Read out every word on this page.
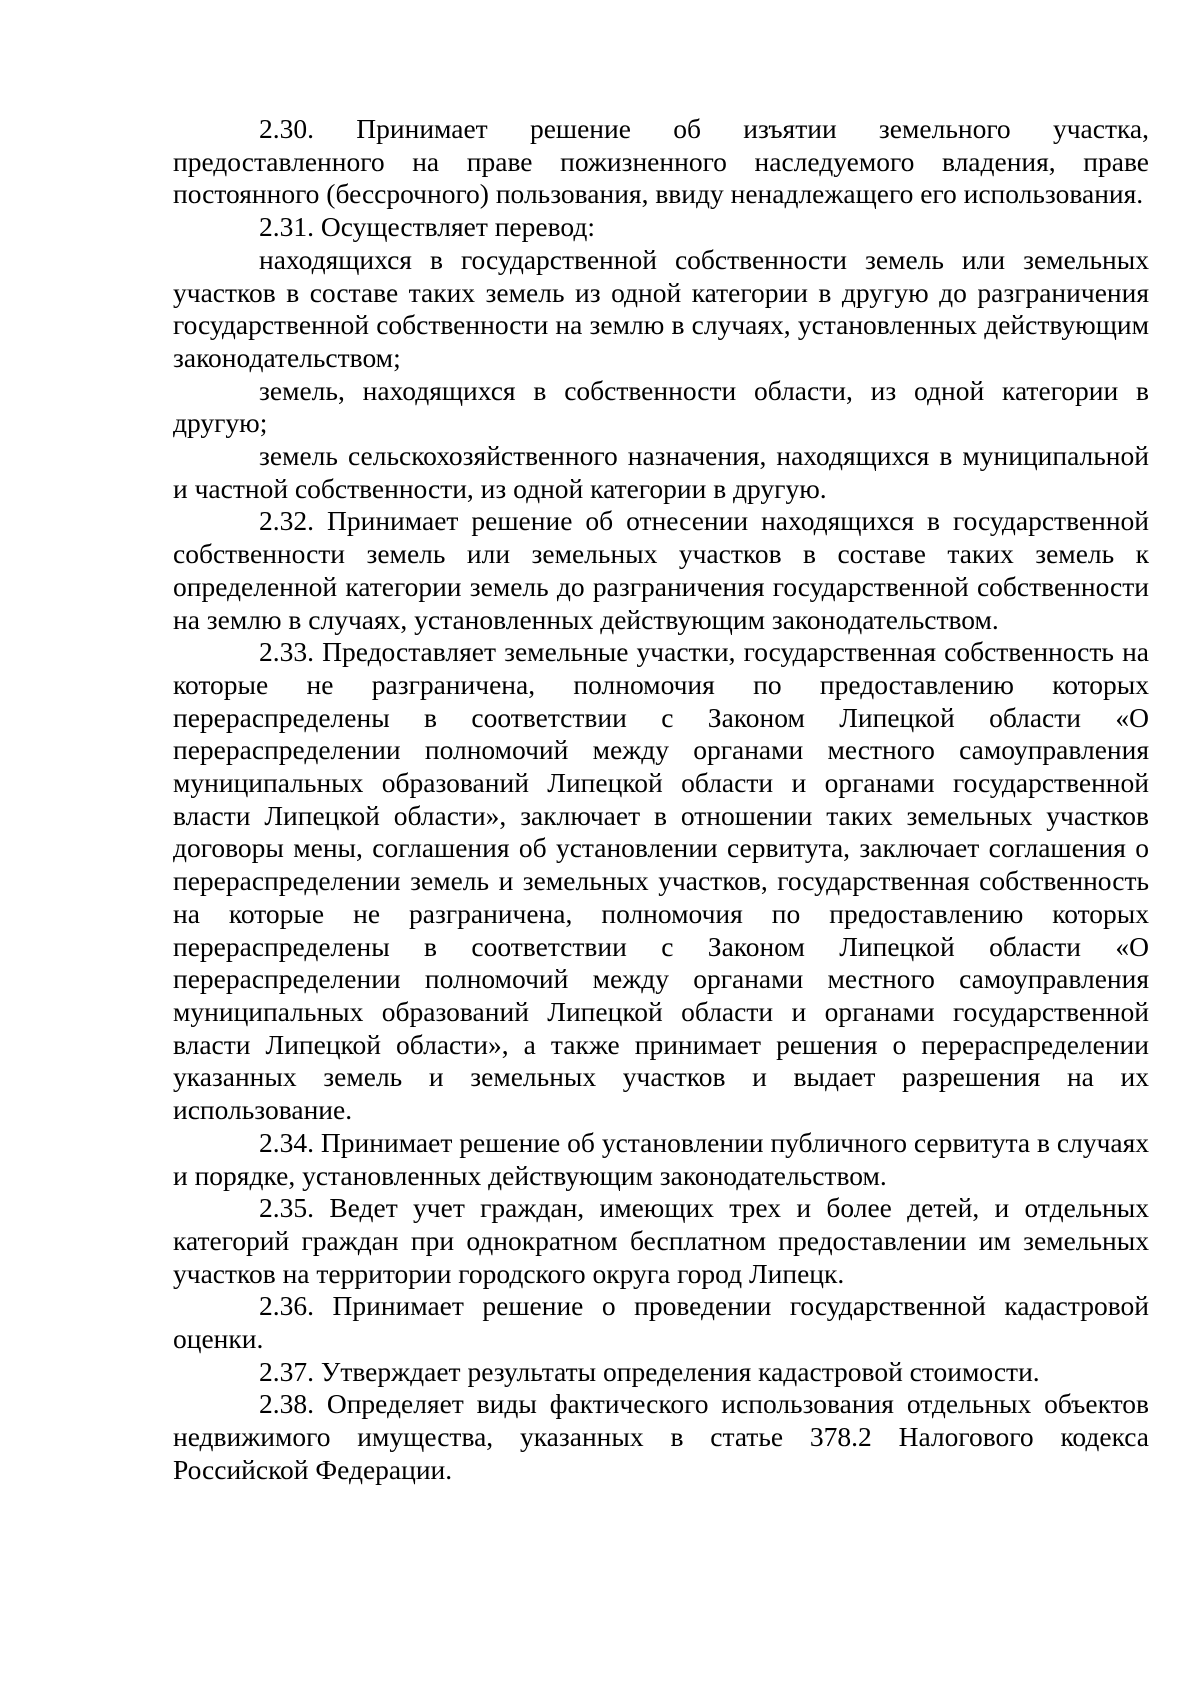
2.30. Принимает решение об изъятии земельного участка, предоставленного на праве пожизненного наследуемого владения, праве постоянного (бессрочного) пользования, ввиду ненадлежащего его использования.

2.31. Осуществляет перевод:

находящихся в государственной собственности земель или земельных участков в составе таких земель из одной категории в другую до разграничения государственной собственности на землю в случаях, установленных действующим законодательством;

земель, находящихся в собственности области, из одной категории в другую;

земель сельскохозяйственного назначения, находящихся в муниципальной и частной собственности, из одной категории в другую.

2.32. Принимает решение об отнесении находящихся в государственной собственности земель или земельных участков в составе таких земель к определенной категории земель до разграничения государственной собственности на землю в случаях, установленных действующим законодательством.

2.33. Предоставляет земельные участки, государственная собственность на которые не разграничена, полномочия по предоставлению которых перераспределены в соответствии с Законом Липецкой области «О перераспределении полномочий между органами местного самоуправления муниципальных образований Липецкой области и органами государственной власти Липецкой области», заключает в отношении таких земельных участков договоры мены, соглашения об установлении сервитута, заключает соглашения о перераспределении земель и земельных участков, государственная собственность на которые не разграничена, полномочия по предоставлению которых перераспределены в соответствии с Законом Липецкой области «О перераспределении полномочий между органами местного самоуправления муниципальных образований Липецкой области и органами государственной власти Липецкой области», а также принимает решения о перераспределении указанных земель и земельных участков и выдает разрешения на их использование.

2.34. Принимает решение об установлении публичного сервитута в случаях и порядке, установленных действующим законодательством.

2.35. Ведет учет граждан, имеющих трех и более детей, и отдельных категорий граждан при однократном бесплатном предоставлении им земельных участков на территории городского округа город Липецк.

2.36. Принимает решение о проведении государственной кадастровой оценки.

2.37. Утверждает результаты определения кадастровой стоимости.

2.38. Определяет виды фактического использования отдельных объектов недвижимого имущества, указанных в статье 378.2 Налогового кодекса Российской Федерации.
